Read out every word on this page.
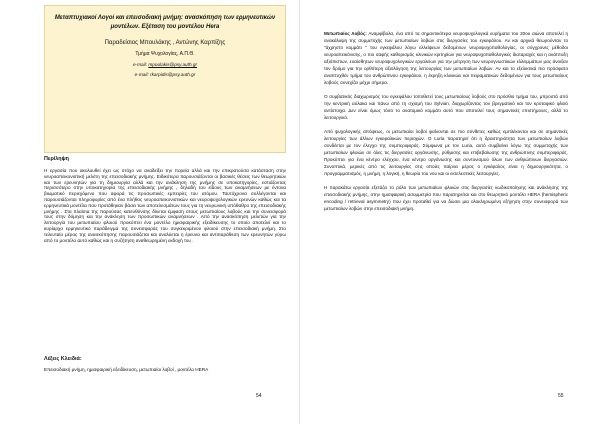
Μεταπτυχιακοί Λογοί και επεισοδιακή μνήμη: ανασκόπηση των ερμηνευτικών μοντέλων. Εξέταση του μοντέλου Hera
Παραδείσιος Μπουλάκης , Αντώνης Καρπίζης
Τμήμα Ψυχολογίας, Α.Π.Θ.
e-mail: mpoulakis@psy.auth.gr
e-mail: rkarpidis@psy.auth.gr
Περίληψη

Η εργασία που ακολουθεί έχει ως στόχο να αναδείξει την πορεία αλλά και την επικρατούσα κατάσταση στην νευροαπεικονιστική μελέτη της επεισοδιακής μνήμης. Ειδικότερα παρουσιάζονται οι βασικές θέσεις των θεωρητικών και των ερευνητών για τη δημιουργία αλλά και την ανάκληση της μνήμης σε υποκατηγορίες, εστιάζοντας περισσότερο στην υποκατηγορία της επεισοδιακής μνήμης , δηλαδή του είδους των αναμνήσεων με έντονα βιωματικό περιεχόμενο που αφορά τις προσωπικές εμπειρίες του ατόμου. Ταυτόχρονα συλλέγονται και παρουσιάζονται πληροφορίες από ένα πλήθος νευροαπεικονιστικών και νευροψυχολογικών ερευνών καθώς και τα ερμηνευτικά μοντέλα που προτάθηκαν βάσει των αποτελεσμάτων τους για τη νευρωνική υπόθαθρο της επεισοδιακής μνήμης . Στα πλαίσια της παρούσας κατευθύνσης δίνεται έμφαση στους μετωπιαίους λοβούς και την συνεισφορά τους στην δόμηση και την ανάκληση των προσωπικών αναμνήσεων . Από την ανασκόπηση μελετών για την λειτουργία του μετωπιαίου φλοιού προκύπτει ένα μοντέλο ημισφαιρικής εξειδίκευσης το οποίο αποτελεί και το κυρίαρχο ερμηνευτικό παράδειγμα της συνεισφοράς του συγκεκριμένου φλοιού στην επεισοδιακή μνήμη. Στο τελευταίο μέρος της ανασκόπησης παρουσιάζεται και αναλύεται η έρευνα και αντιπαράθεση των ερευνητών γύρω από το μοντέλο αυτό καθώς και η συζήτηση αναθεωρημένη εκδοχή του .

Λέξεις Κλειδιά:
Επεισοδιακή μνήμη, ημισφαιρική εξειδίκευση, μετωπιαίοι λοβοί , μοντέλο HERA
54

Μετωπιαίος Λοβός: Αναμφίβολα, ένα από τα σημαντικότερα νευροψυχολογικά ευρήματα του 20ου αιώνα αποτελεί η ανακάλυψη της συμμετοχής των μετωπιαίων λοβών στις διεργασίες του εγκεφάλου. Αν και αρχικά θεωρούνταν το "άχρηστο κομμάτι " του εγκεφάλου λόγω ελλείψεων δεδομένων νευροψυχοπαθολογίας, οι σύγχρονες μέθοδοι νευροαπεικόνισης, ο πιο σαφής καθορισμός κλινικών κριτηρίων για νευροψυχοπαθολογικές διαταραχές και η ανάπτυξη αξιόπιστων, ευαίσθητων νευροψυχολογικών εργαλείων για την μέτρηση των νευρογνωστικών ελλειμμάτων μας άνοιξαν τον δρόμο για την ορθότερη αξιολόγηση της λειτουργίας των μετωπιαίων λοβών. Αν και το εξελικτικά πιο πρόσφατο αναπτυχθέν τμήμα του ανθρώπινου εγκεφάλου, η έκρηξη κλινικών και πειραματικών δεδομένων για τους μετωπιαίους λοβούς συνεχίζει μέχρι σήμερα.

Ο συμβατικός διαχωρισμός του εγκεφάλου τοποθετεί τους μετωπιαίους λοβούς στο πρόσθιο τμήμα του, μπροστά από την κεντρική αύλακα και πάνω από τη σχισμή του Sylvian, διαχωρίζοντας τον βρεγματικό και τον κροταφικό φλοιό αντίστοιχα. Δεν είναι όμως τόσο το ανατομικό κομμάτι αυτό που αποτελεί τους σημαντικές επιστήμονες, αλλά το λειτουργικό.

Από ψυχολογικής απόψεως, οι μετωπιαίοι λοβοί φαίνονται σε πιο σύνθετες καθώς εμπλέκονται και σε σημαντικές λειτουργίες των άλλων εγκεφαλικών περιοχών. Ο Luria παρατηρεί ότι η δραστηριότητα των μετωπιαίων λοβών συνδέεται με τον έλεγχο της συμπεριφοράς. Σύμφωνα με τον Luria, αυτό συμβαίνει λόγω της συμμετοχής των μετωπιαίων φλοιών σε όλες τις διεργασίες οργάνωσης, ρύθμισης και επιβεβαίωσης της ανθρώπινης συμπεριφοράς. Προκύπτει για ένα κέντρο ελέγχου, ένα κέντρο οργάνωσης και συντονισμού όλων των ανθρώπινων διεργασιών. Συνοπτικά, μερικές από τις λειτουργίες στις οποίες παίρνει μέρος ο εγκέφαλος είναι η δημιουργικότητα, ο προγραμματισμός, η μνήμη, η λογική, η θεωρία του νου και οι εκτελεστικές λειτουργίες.

Η παρακάτω εργασία εξετάζει το ρόλο των μετωπιαίων φλοιών στις διεργασίες κωδικοποίησης και ανάκλησης της επεισοδιακής μνήμης, στην ημισφαιρική ασυμμετρία που παρατηρείται και στο θεωρητικό μοντέλο HERA (hemispheric encoding / retrieval asymmetry) που έχει προταθεί για να δώσει μια ολοκληρωμένη εξήγηση στην συνεισφορά των μετωπιαίων λοβών στην επεισοδιακή μνήμη.

55
